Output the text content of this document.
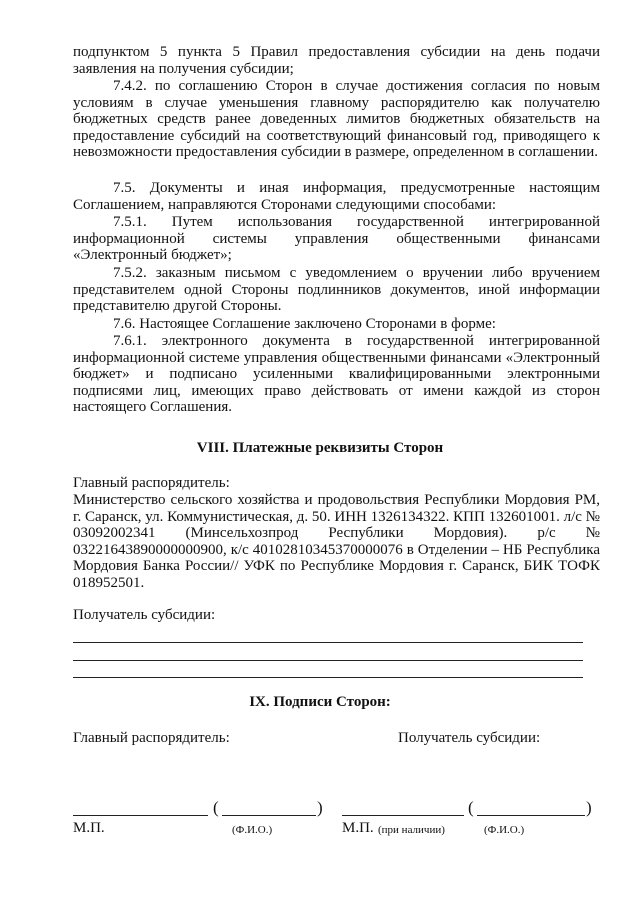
подпунктом 5 пункта 5 Правил предоставления субсидии на день подачи заявления на получения субсидии;
7.4.2. по соглашению Сторон в случае достижения согласия по новым условиям в случае уменьшения главному распорядителю как получателю бюджетных средств ранее доведенных лимитов бюджетных обязательств на предоставление субсидий на соответствующий финансовый год, приводящего к невозможности предоставления субсидии в размере, определенном в соглашении.
7.5. Документы и иная информация, предусмотренные настоящим Соглашением, направляются Сторонами следующими способами:
7.5.1. Путем использования государственной интегрированной информационной системы управления общественными финансами «Электронный бюджет»;
7.5.2. заказным письмом с уведомлением о вручении либо вручением представителем одной Стороны подлинников документов, иной информации представителю другой Стороны.
7.6. Настоящее Соглашение заключено Сторонами в форме:
7.6.1. электронного документа в государственной интегрированной информационной системе управления общественными финансами «Электронный бюджет» и подписано усиленными квалифицированными электронными подписями лиц, имеющих право действовать от имени каждой из сторон настоящего Соглашения.
VIII. Платежные реквизиты Сторон
Главный распорядитель:
Министерство сельского хозяйства и продовольствия Республики Мордовия РМ, г. Саранск, ул. Коммунистическая, д. 50. ИНН 1326134322. КПП 132601001. л/с № 03092002341 (Минсельхозпрод Республики Мордовия). р/с № 03221643890000000900, к/с 40102810345370000076 в Отделении – НБ Республика Мордовия Банка России// УФК по Республике Мордовия г. Саранск, БИК ТОФК 018952501.
Получатель субсидии:
IX. Подписи Сторон:
Главный распорядитель:	Получатель субсидии:
(	)
М.П.	(Ф.И.О.)
(	)
М.П. (при наличии)	(Ф.И.О.)
